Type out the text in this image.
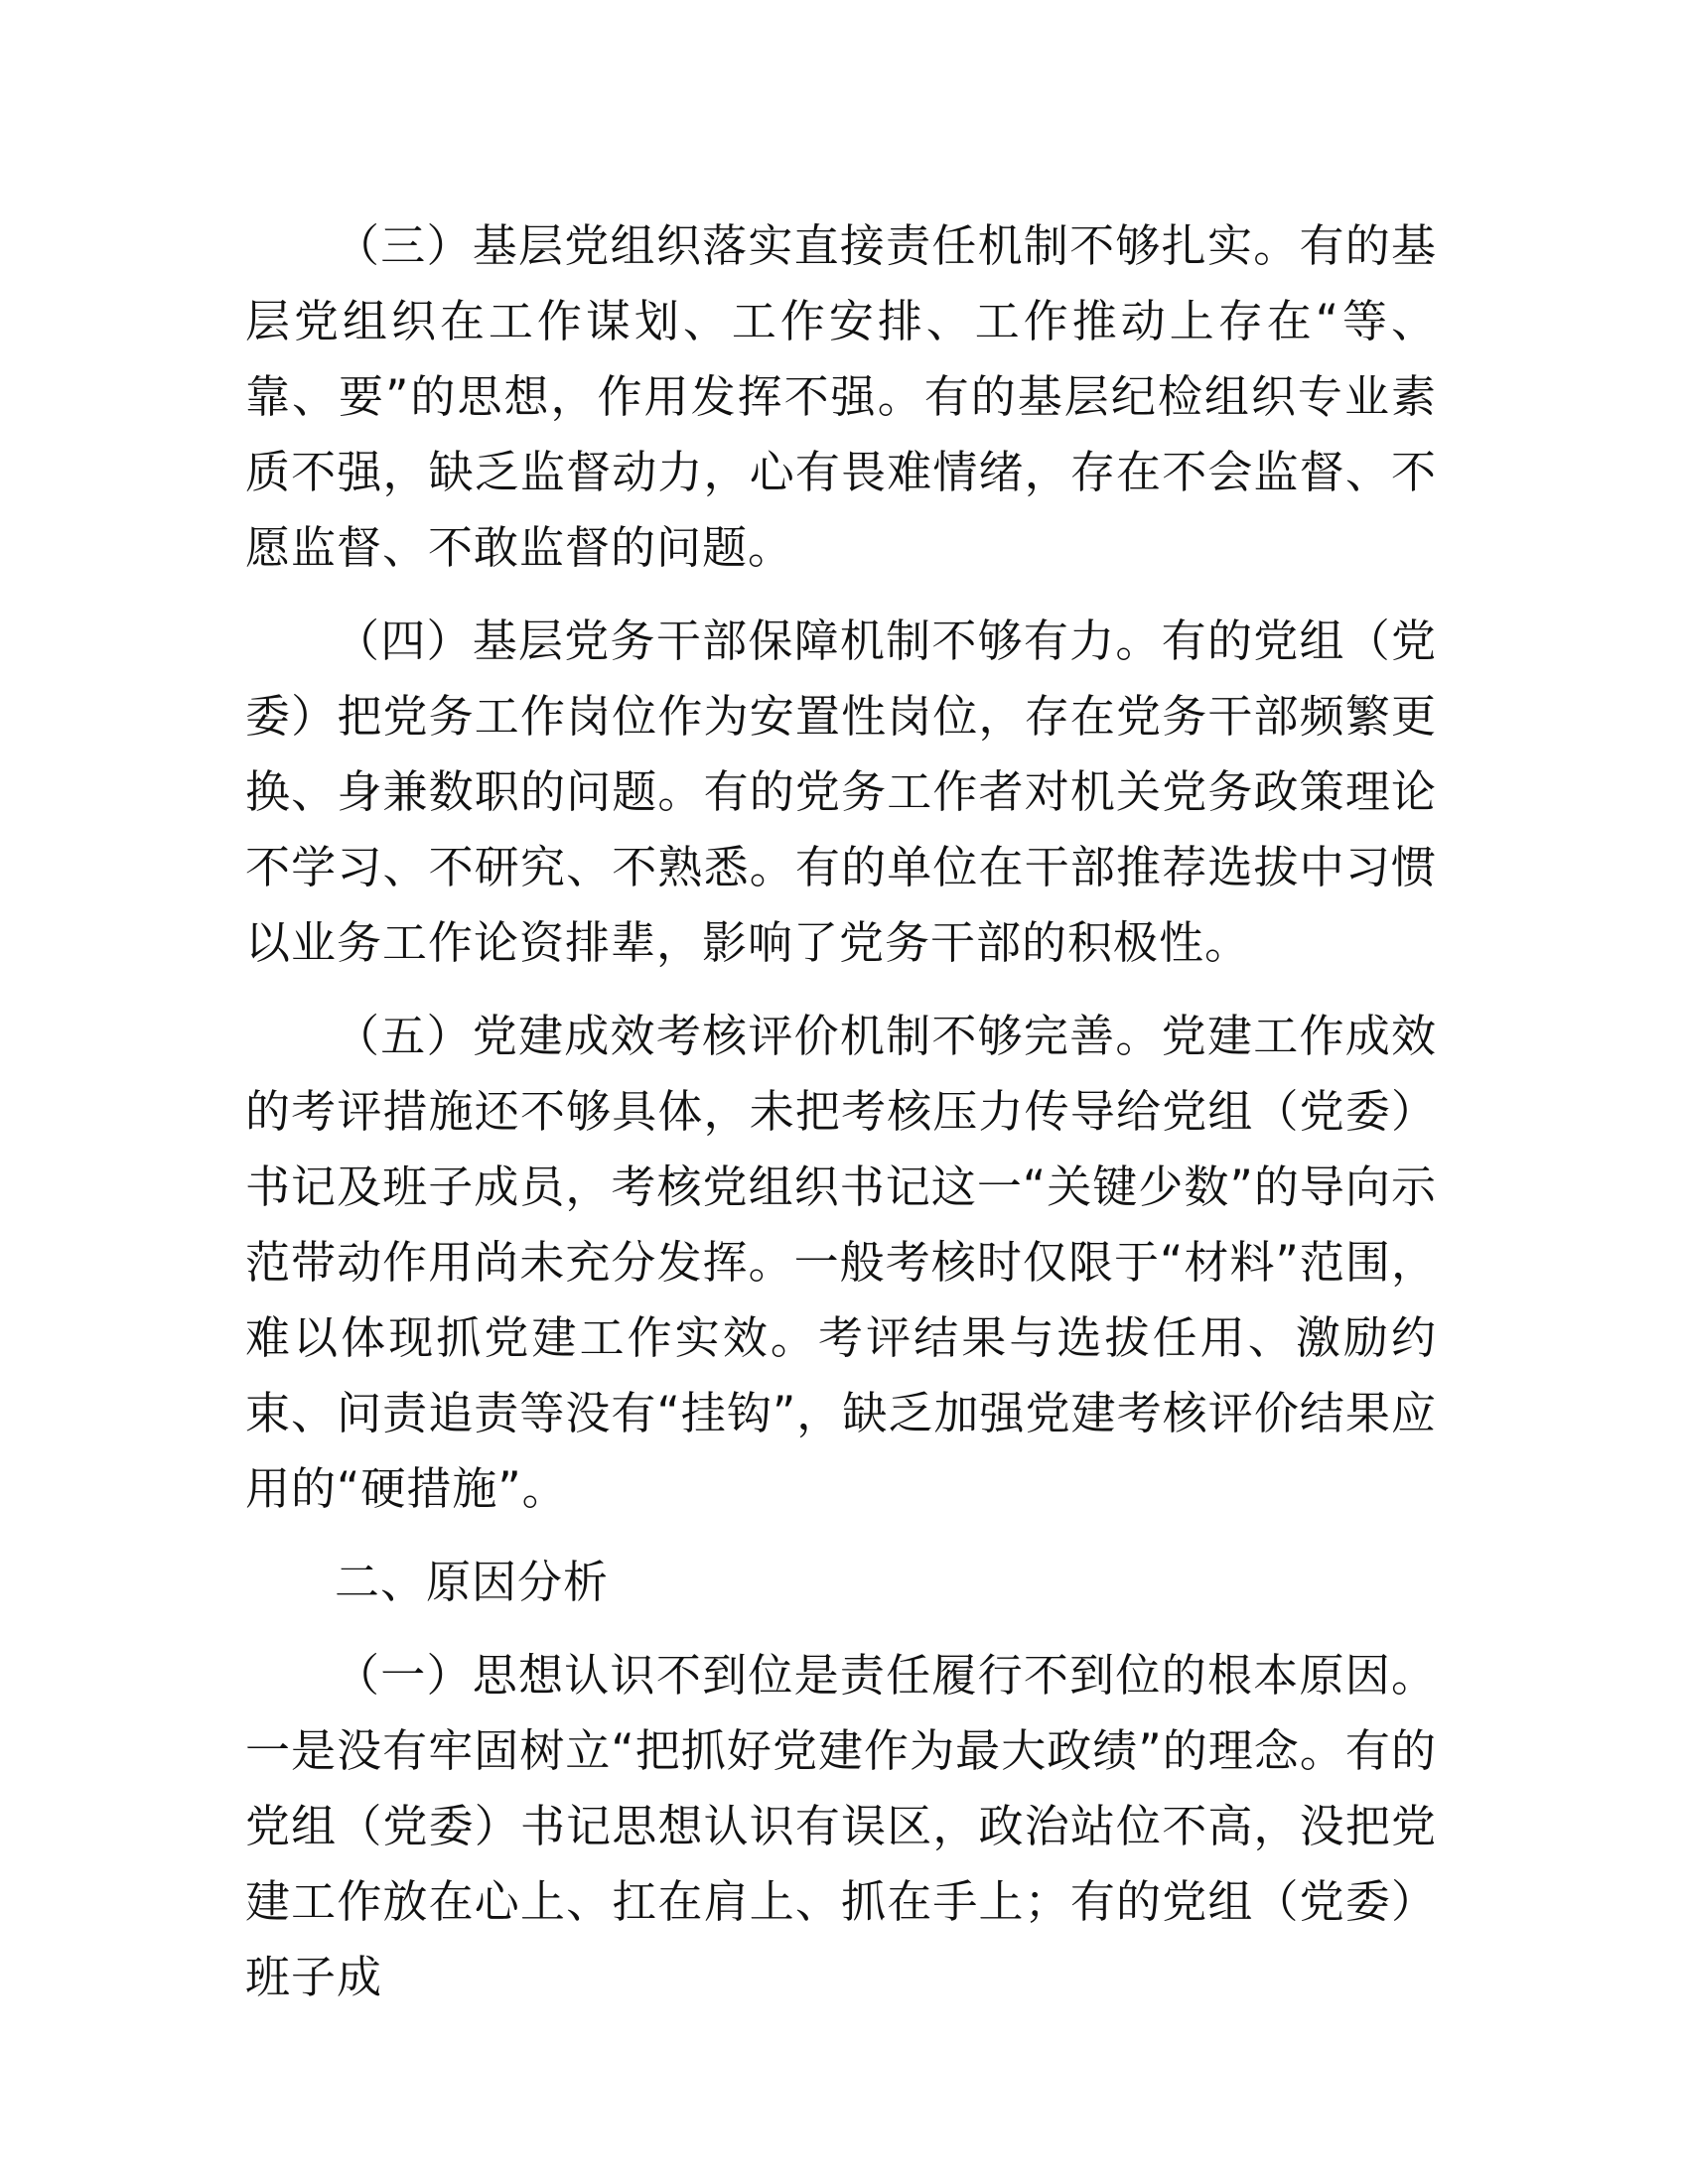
（三）基层党组织落实直接责任机制不够扎实。有的基层党组织在工作谋划、工作安排、工作推动上存在“等、靠、要”的思想，作用发挥不强。有的基层纪检组织专业素质不强，缺乏监督动力，心有畏难情绪，存在不会监督、不愿监督、不敢监督的问题。

（四）基层党务干部保障机制不够有力。有的党组（党委）把党务工作岗位作为安置性岗位，存在党务干部频繁更换、身兼数职的问题。有的党务工作者对机关党务政策理论不学习、不研究、不熟悉。有的单位在干部推荐选拔中习惯以业务工作论资排辈，影响了党务干部的积极性。

（五）党建成效考核评价机制不够完善。党建工作成效的考评措施还不够具体，未把考核压力传导给党组（党委）书记及班子成员，考核党组织书记这一“关键少数”的导向示范带动作用尚未充分发挥。一般考核时仅限于“材料”范围，难以体现抓党建工作实效。考评结果与选拔任用、激励约束、问责追责等没有“挂钩”，缺乏加强党建考核评价结果应用的“硬措施”。

二、原因分析

（一）思想认识不到位是责任履行不到位的根本原因。一是没有牢固树立“把抓好党建作为最大政绩”的理念。有的党组（党委）书记思想认识有误区，政治站位不高，没把党建工作放在心上、扛在肩上、抓在手上；有的党组（党委）班子成
